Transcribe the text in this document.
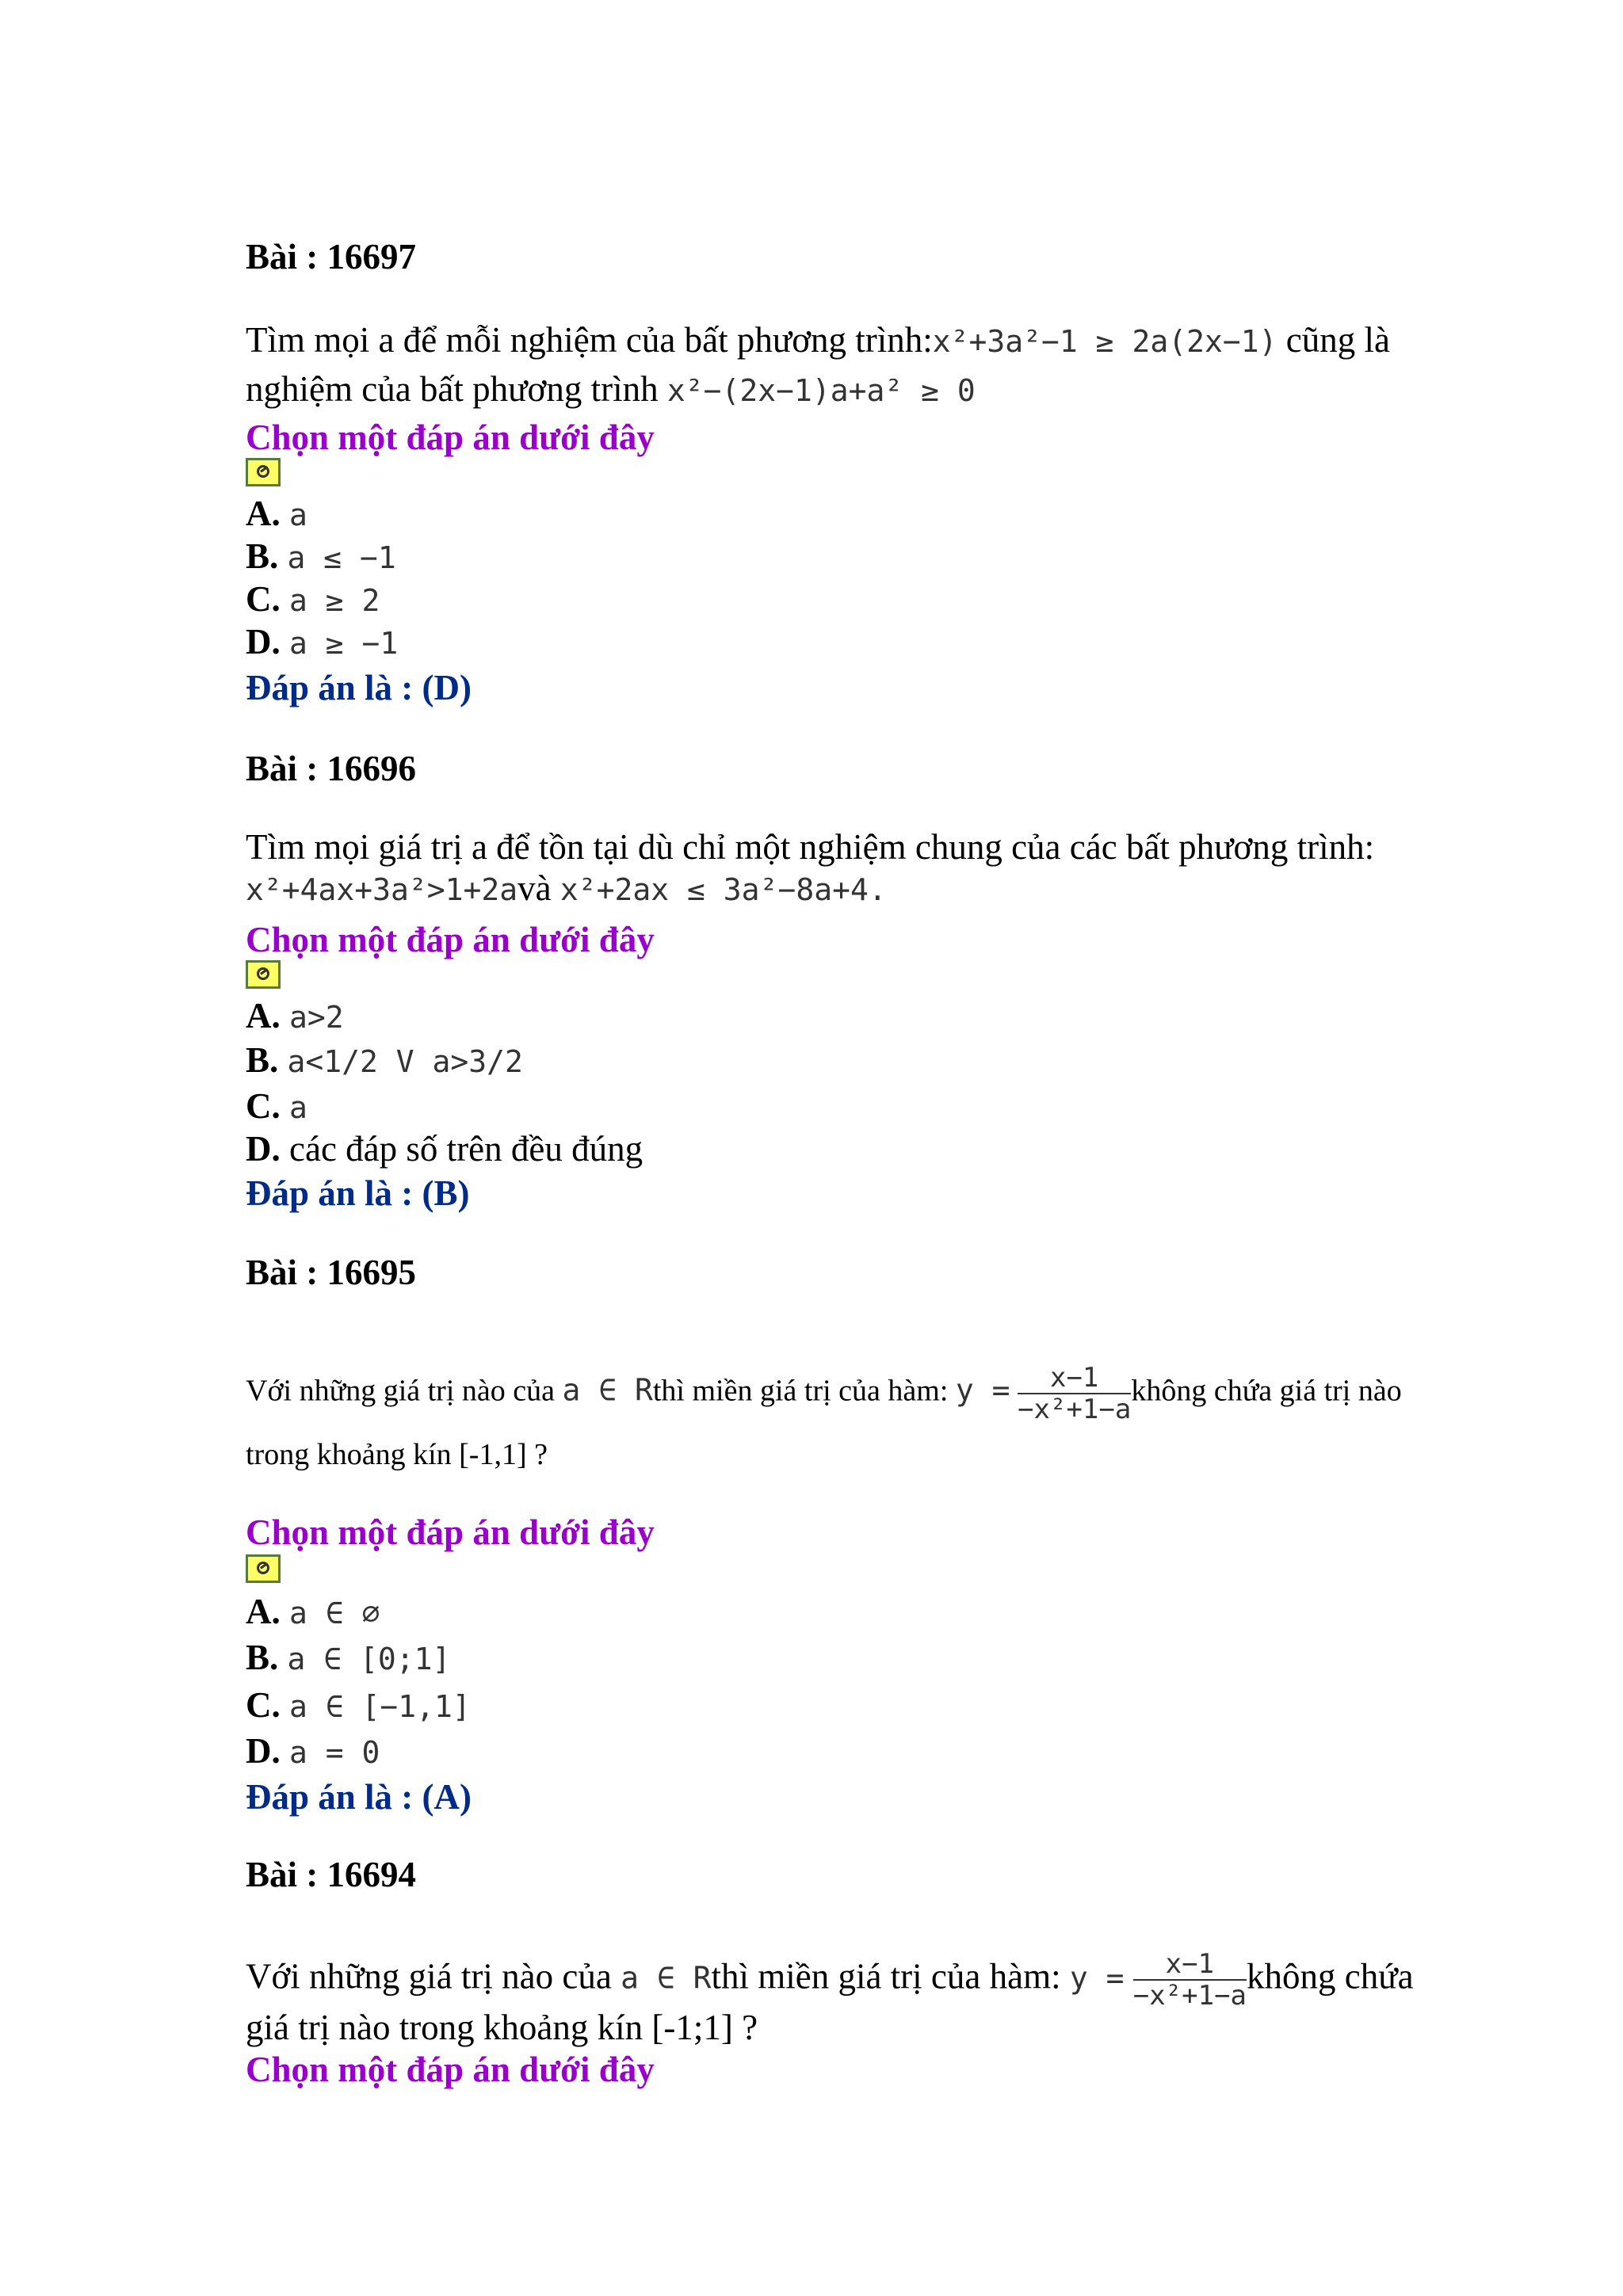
Bài : 16697
Tìm mọi a để mỗi nghiệm của bất phương trình:x²+3a²−1 ≥ 2a(2x−1) cũng là
nghiệm của bất phương trình x²−(2x−1)a+a² ≥ 0
Chọn một đáp án dưới đây
A. a
B. a ≤ −1
C. a ≥ 2
D. a ≥ −1
Đáp án là : (D)
Bài : 16696
Tìm mọi giá trị a để tồn tại dù chỉ một nghiệm chung của các bất phương trình:
x²+4ax+3a²>1+2avà x²+2ax ≤ 3a²−8a+4.
Chọn một đáp án dưới đây
A. a>2
B. a<1/2 V a>3/2
C. a
D. các đáp số trên đều đúng
Đáp án là : (B)
Bài : 16695
Với những giá trị nào của a ∈ Rthì miền giá trị của hàm: $y = \frac{x-1}{\text{−x²+1−a}}$ không chứa giá trị nào
trong khoảng kín [-1,1] ?
Chọn một đáp án dưới đây
A. a ∈ ∅
B. a ∈ [0;1]
C. a ∈ [−1,1]
D. a = 0
Đáp án là : (A)
Bài : 16694
Với những giá trị nào của a ∈ Rthì miền giá trị của hàm: $y = \frac{x-1}{\text{−x²+1−a}}$ không chứa
giá trị nào trong khoảng kín [-1;1] ?
Chọn một đáp án dưới đây
